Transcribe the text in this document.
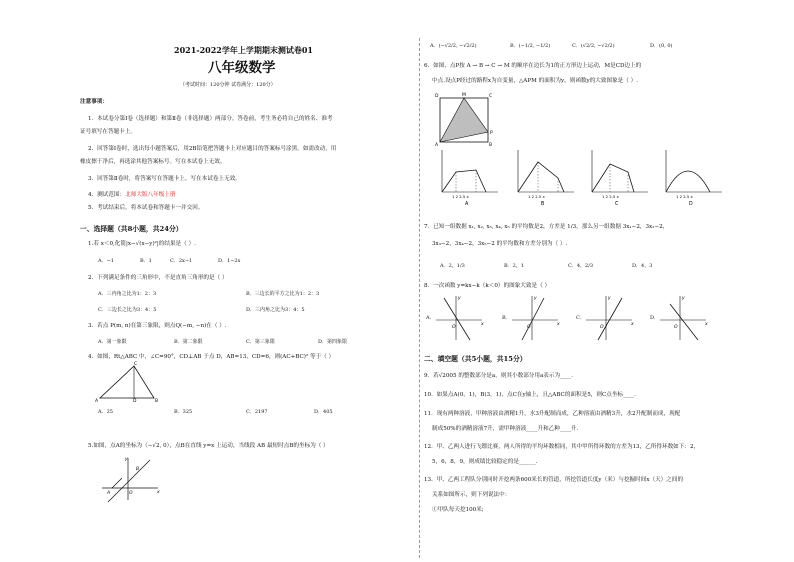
2021-2022学年上学期期末测试卷01
八年级数学
（考试时间：120分钟 试卷满分：120分）
注意事项：
1．本试卷分第Ⅰ卷（选择题）和第Ⅱ卷（非选择题）两部分。答卷前，考生务必将自己的姓名、准考
证号填写在答题卡上。
2．回答第Ⅰ卷时，选出每小题答案后，用2B铅笔把答题卡上对应题目的答案标号涂黑。如需改动，用
橡皮擦干净后，再选涂其他答案标号。写在本试卷上无效。
3．回答第Ⅱ卷时，将答案写在答题卡上。写在本试卷上无效。
4．测试范围：北师大版八年级上册
5．考试结束后，将本试卷和答题卡一并交回。
一、选择题（共8小题，共24分）
1.若 x＜0,化简|x−√(x−y)²|的结果是（ ）.
A．−1	B．1	C．2x−1	D．1−2x
2．下列满足条件的三角形中，不是直角三角形的是（ ）
A．三内角之比为1：2：3	B．三边长的平方之比为1：2：3
C．三边长之比为3：4：5	D．三内角之比为3：4：5
3．若点 P(m, n)在第三象限，则点Q(−m, −n)在（ ）.
A．第一象限	B．第二象限	C．第三象限	D．第四象限
4．如图，Rt△ABC 中，∠C=90°，CD⊥AB 于点 D，AB=13，CD=6，则(AC+BC)² 等于（ ）
A	B
C
D
A．25	B．325	C．2197	D．405
5.如图，点A的坐标为（−√2, 0），点B在直线 y=x 上运动，当线段 AB 最短时点B的坐标为（ ）
y
B
A	O	x
A．(−√2/2, −√2/2)	B．(−1/2, −1/2)	C．(√2/2, −√2/2)	D．(0, 0)
6．如图，点P按 A → B → C → M 的顺序在边长为1的正方形边上运动，M是CD边上的
中点.设点P经过的路程x为自变量，△APM 的面积为y，则函数y的大致图象是（ ）.
D	M	C
P
A	B
1 2 2.5 x
A
1 2 2.5 x
B
1 2 2.5 x
C
1 2 2.5 x
D
7．已知一组数据 x₁, x₂, x₃, x₄, x₅ 的平均数是2，方差是 1/3，那么另一组数据 3x₁−2，3x₂−2，
3x₃−2，3x₄−2，3x₅−2 的平均数和方差分别为（ ）.
A．2，1/3	B．2，1	C．4，2/3	D．4，3
8．一次函数 y=kx−k（k＜0）的图象大致是（ ）
A．
O
x
y
B．
O
x
y
C．
O
x
y
D．
O
x
y
二、填空题（共5小题，共15分）
9．若√2005 的整数部分是a，则其小数部分用a表示为____.
10．如果点A(0，1)，B(3，1)，点C在y轴上，且△ABC的面积是5，则C点坐标____.
11．现有两种溶液，甲种溶液由酒精1升，水3升配制而成，乙种溶液由酒精3升，水2升配制而成，现配
制成50%的酒精溶液7升，需甲种溶液____升和乙种____升.
12．甲、乙两人进行飞镖比赛，两人所得的平均环数相同，其中甲所得环数的方差为13，乙所得环数如下：2，
5，6，8，9，则成绩比较稳定的是______.
13．甲、乙两工程队分别同时开挖两条600米长的管道，所挖管道长度y（米）与挖掘时间x（天）之间的
关系如图所示，则下列说法中：
①甲队每天挖100米;
